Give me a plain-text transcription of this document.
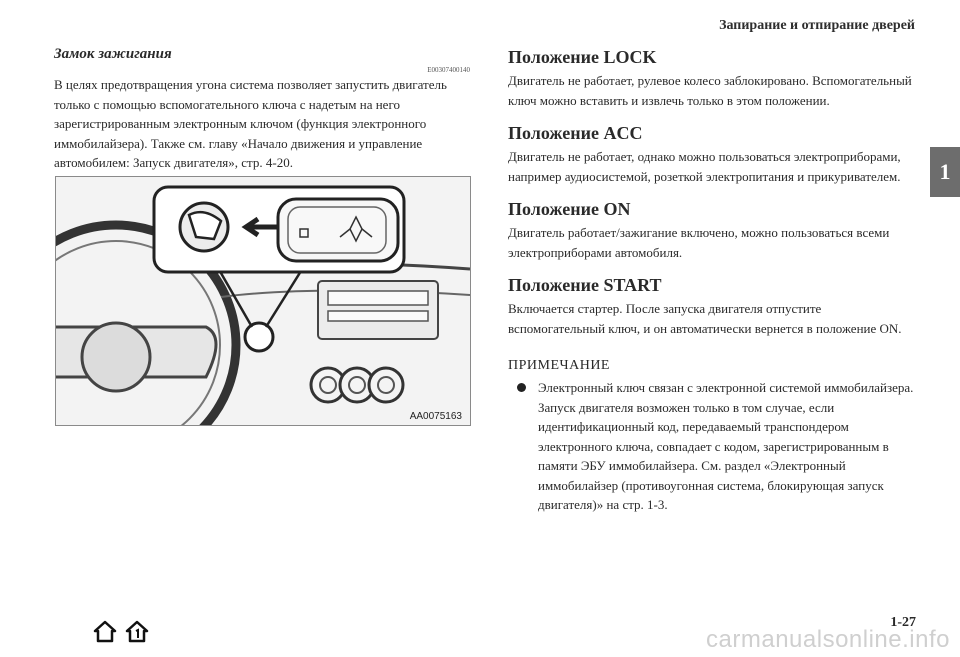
Запирание и отпирание дверей
1
Замок зажигания
E00307400140

В целях предотвращения угона система позволяет запустить двигатель только с помощью вспомогательного ключа с надетым на него зарегистрированным электронным ключом (функция электронного иммобилайзера). Также см. главу «Начало движения и управление автомобилем: Запуск двигателя», стр. 4-20.

AA0075163
Положение LOCK

Двигатель не работает, рулевое колесо заблокировано. Вспомогательный ключ можно вставить и извлечь только в этом положении.

Положение ACC

Двигатель не работает, однако можно пользоваться электроприборами, например аудиосистемой, розеткой электропитания и прикуривателем.

Положение ON

Двигатель работает/зажигание включено, можно пользоваться всеми электроприборами автомобиля.

Положение START

Включается стартер. После запуска двигателя отпустите вспомогательный ключ, и он автоматически вернется в положение ON.

ПРИМЕЧАНИЕ
Электронный ключ связан с электронной системой иммобилайзера. Запуск двигателя возможен только в том случае, если идентификационный код, передаваемый транспондером электронного ключа, совпадает с кодом, зарегистрированным в памяти ЭБУ иммобилайзера. См. раздел «Электронный иммобилайзер (противоугонная система, блокирующая запуск двигателя)» на стр. 1-3.
1-27
carmanualsonline.info
